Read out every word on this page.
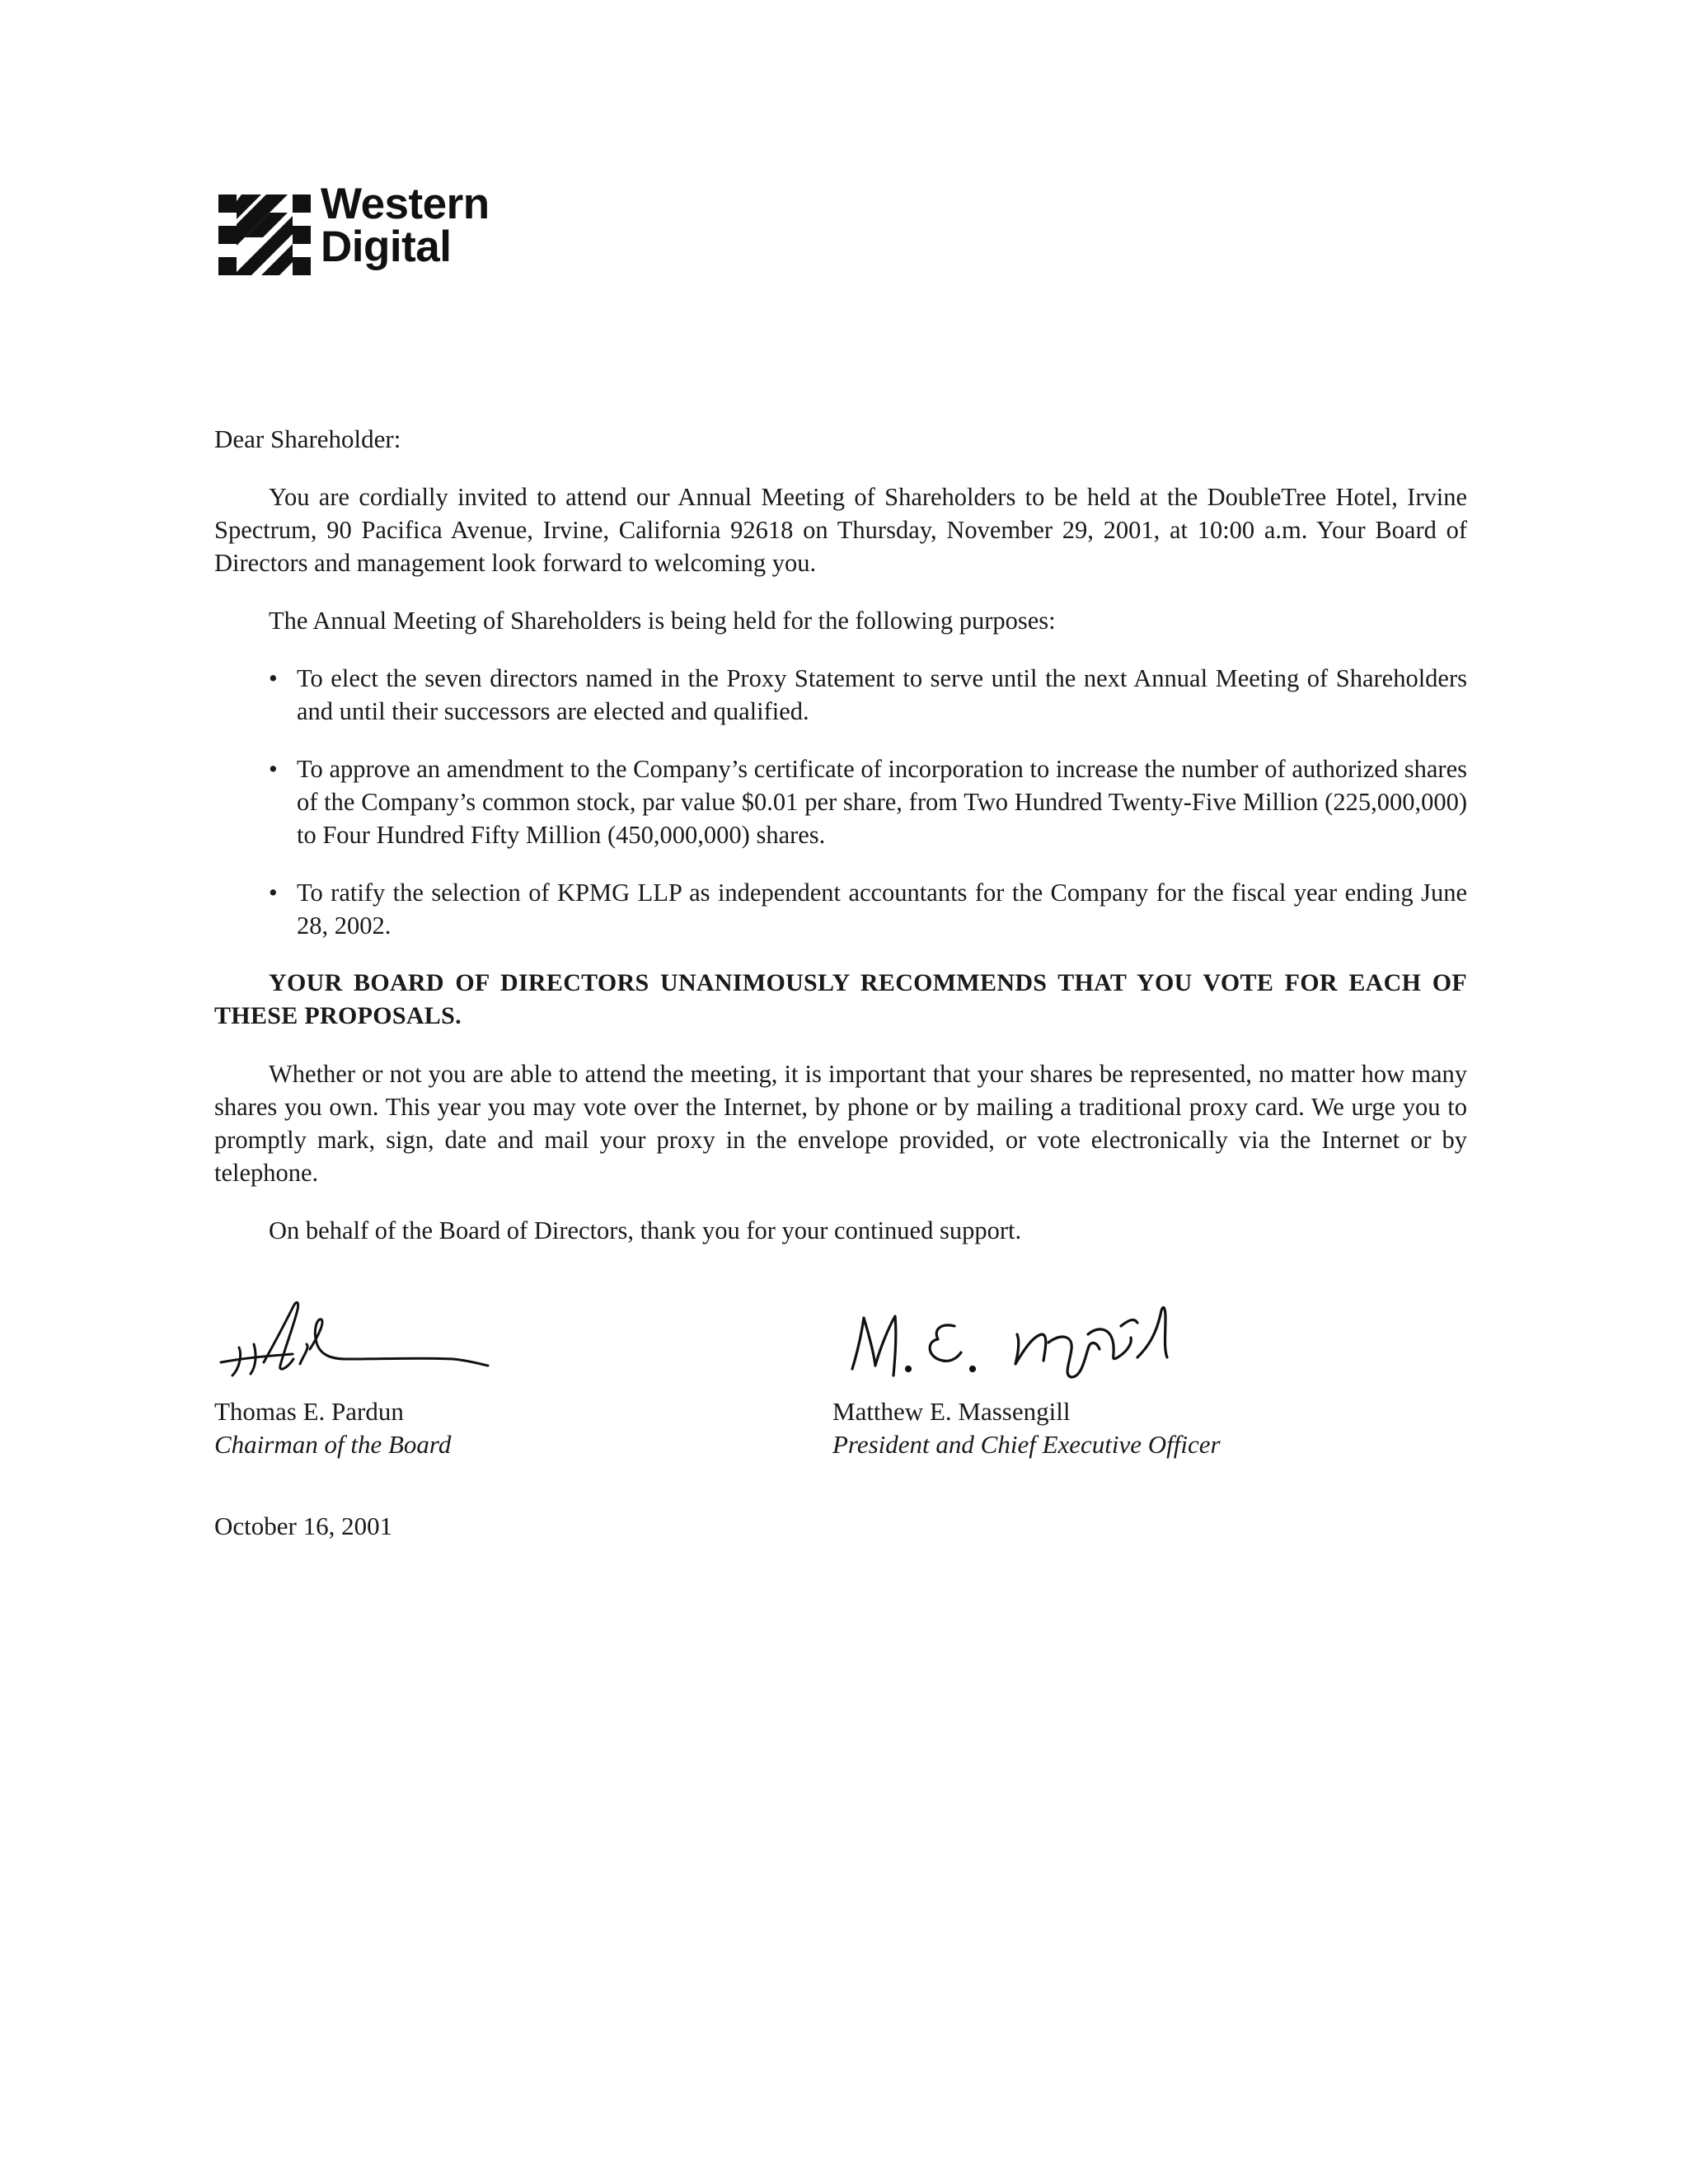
Western
Digital

Dear Shareholder:

You are cordially invited to attend our Annual Meeting of Shareholders to be held at the DoubleTree Hotel, Irvine Spectrum, 90 Pacifica Avenue, Irvine, California 92618 on Thursday, November 29, 2001, at 10:00 a.m. Your Board of Directors and management look forward to welcoming you.

The Annual Meeting of Shareholders is being held for the following purposes:

• To elect the seven directors named in the Proxy Statement to serve until the next Annual Meeting of Shareholders and until their successors are elected and qualified.
• To approve an amendment to the Company’s certificate of incorporation to increase the number of authorized shares of the Company’s common stock, par value $0.01 per share, from Two Hundred Twenty-Five Million (225,000,000) to Four Hundred Fifty Million (450,000,000) shares.
• To ratify the selection of KPMG LLP as independent accountants for the Company for the fiscal year ending June 28, 2002.

YOUR BOARD OF DIRECTORS UNANIMOUSLY RECOMMENDS THAT YOU VOTE FOR EACH OF THESE PROPOSALS.

Whether or not you are able to attend the meeting, it is important that your shares be represented, no matter how many shares you own. This year you may vote over the Internet, by phone or by mailing a traditional proxy card. We urge you to promptly mark, sign, date and mail your proxy in the envelope provided, or vote electronically via the Internet or by telephone.

On behalf of the Board of Directors, thank you for your continued support.

Thomas E. Pardun
Chairman of the Board
Matthew E. Massengill
President and Chief Executive Officer
October 16, 2001
